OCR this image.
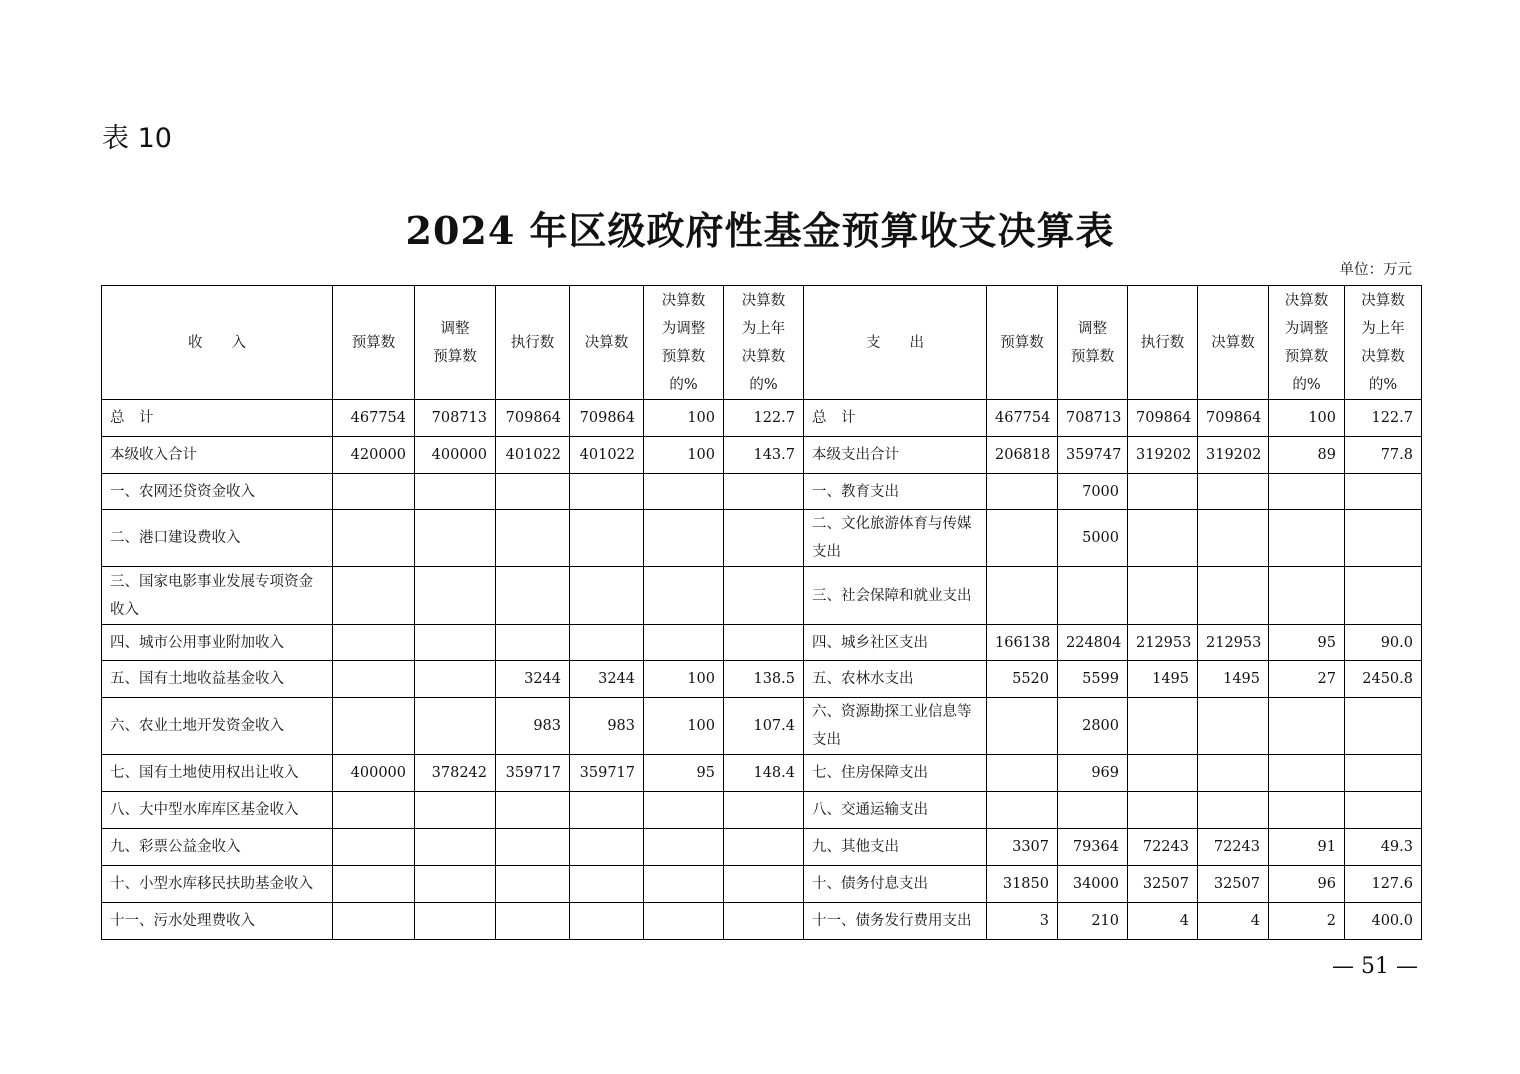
表 10
2024 年区级政府性基金预算收支决算表
单位：万元
收　　入	预算数	调整
预算数	执行数	决算数	决算数
为调整
预算数
的%	决算数
为上年
决算数
的%	支　　出	预算数	调整
预算数	执行数	决算数	决算数
为调整
预算数
的%	决算数
为上年
决算数
的%
总　计	467754	708713	709864	709864	100	122.7	总　计	467754	708713	709864	709864	100	122.7
本级收入合计	420000	400000	401022	401022	100	143.7	本级支出合计	206818	359747	319202	319202	89	77.8
一、农网还贷资金收入							一、教育支出		7000				
二、港口建设费收入							二、文化旅游体育与传媒支出		5000				
三、国家电影事业发展专项资金收入							三、社会保障和就业支出						
四、城市公用事业附加收入							四、城乡社区支出	166138	224804	212953	212953	95	90.0
五、国有土地收益基金收入			3244	3244	100	138.5	五、农林水支出	5520	5599	1495	1495	27	2450.8
六、农业土地开发资金收入			983	983	100	107.4	六、资源勘探工业信息等支出		2800				
七、国有土地使用权出让收入	400000	378242	359717	359717	95	148.4	七、住房保障支出		969				
八、大中型水库库区基金收入							八、交通运输支出						
九、彩票公益金收入							九、其他支出	3307	79364	72243	72243	91	49.3
十、小型水库移民扶助基金收入							十、债务付息支出	31850	34000	32507	32507	96	127.6
十一、污水处理费收入							十一、债务发行费用支出	3	210	4	4	2	400.0
— 51 —
